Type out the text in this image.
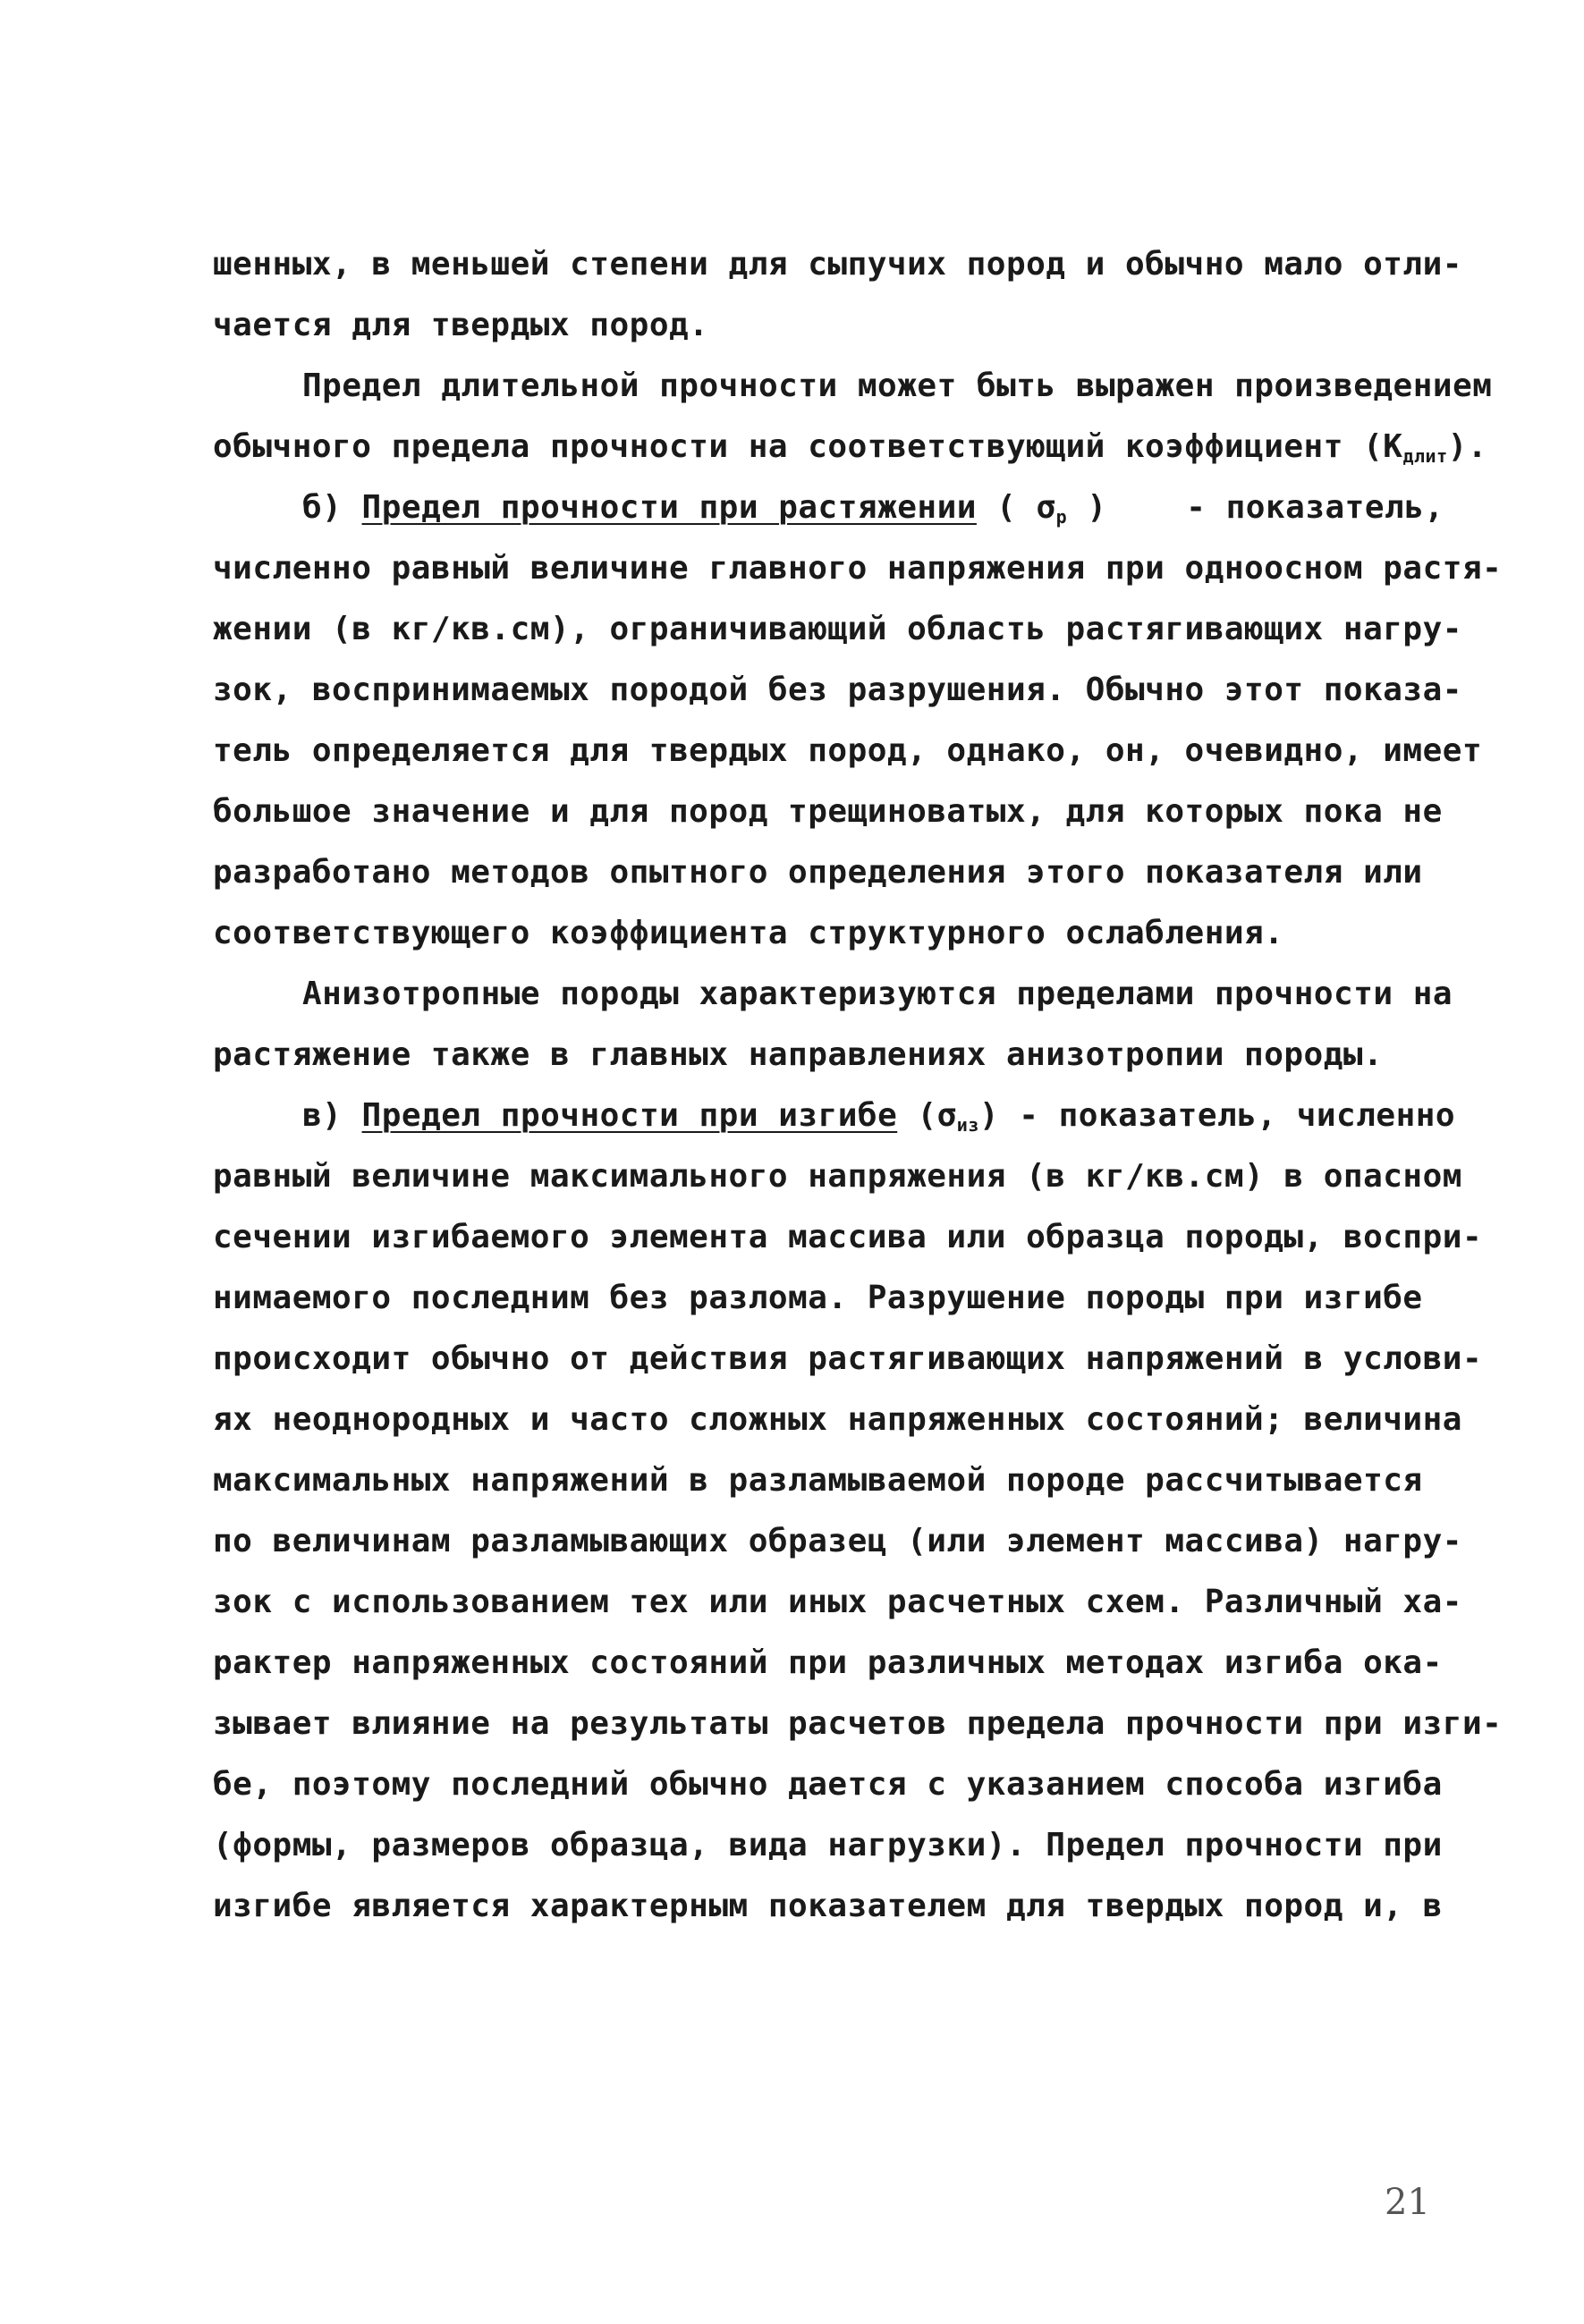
шенных, в меньшей степени для сыпучих пород и обычно мало отли-
чается для твердых пород.
Предел длительной прочности может быть выражен произведением
обычного предела прочности на соответствующий коэффициент $(K_{длит})$.
б) Предел прочности при растяжении ( $\sigma_р$ ) - показатель,
численно равный величине главного напряжения при одноосном растя-
жении (в кг/кв.см), ограничивающий область растягивающих нагру-
зок, воспринимаемых породой без разрушения. Обычно этот показа-
тель определяется для твердых пород, однако, он, очевидно, имеет
большое значение и для пород трещиноватых, для которых пока не
разработано методов опытного определения этого показателя или
соответствующего коэффициента структурного ослабления.
Анизотропные породы характеризуются пределами прочности на
растяжение также в главных направлениях анизотропии породы.
в) Предел прочности при изгибе $(\sigma_{из})$ - показатель, численно
равный величине максимального напряжения (в кг/кв.см) в опасном
сечении изгибаемого элемента массива или образца породы, воспри-
нимаемого последним без разлома. Разрушение породы при изгибе
происходит обычно от действия растягивающих напряжений в услови-
ях неоднородных и часто сложных напряженных состояний; величина
максимальных напряжений в разламываемой породе рассчитывается
по величинам разламывающих образец (или элемент массива) нагру-
зок с использованием тех или иных расчетных схем. Различный ха-
рактер напряженных состояний при различных методах изгиба ока-
зывает влияние на результаты расчетов предела прочности при изги-
бе, поэтому последний обычно дается с указанием способа изгиба
(формы, размеров образца, вида нагрузки). Предел прочности при
изгибе является характерным показателем для твердых пород и, в
21
